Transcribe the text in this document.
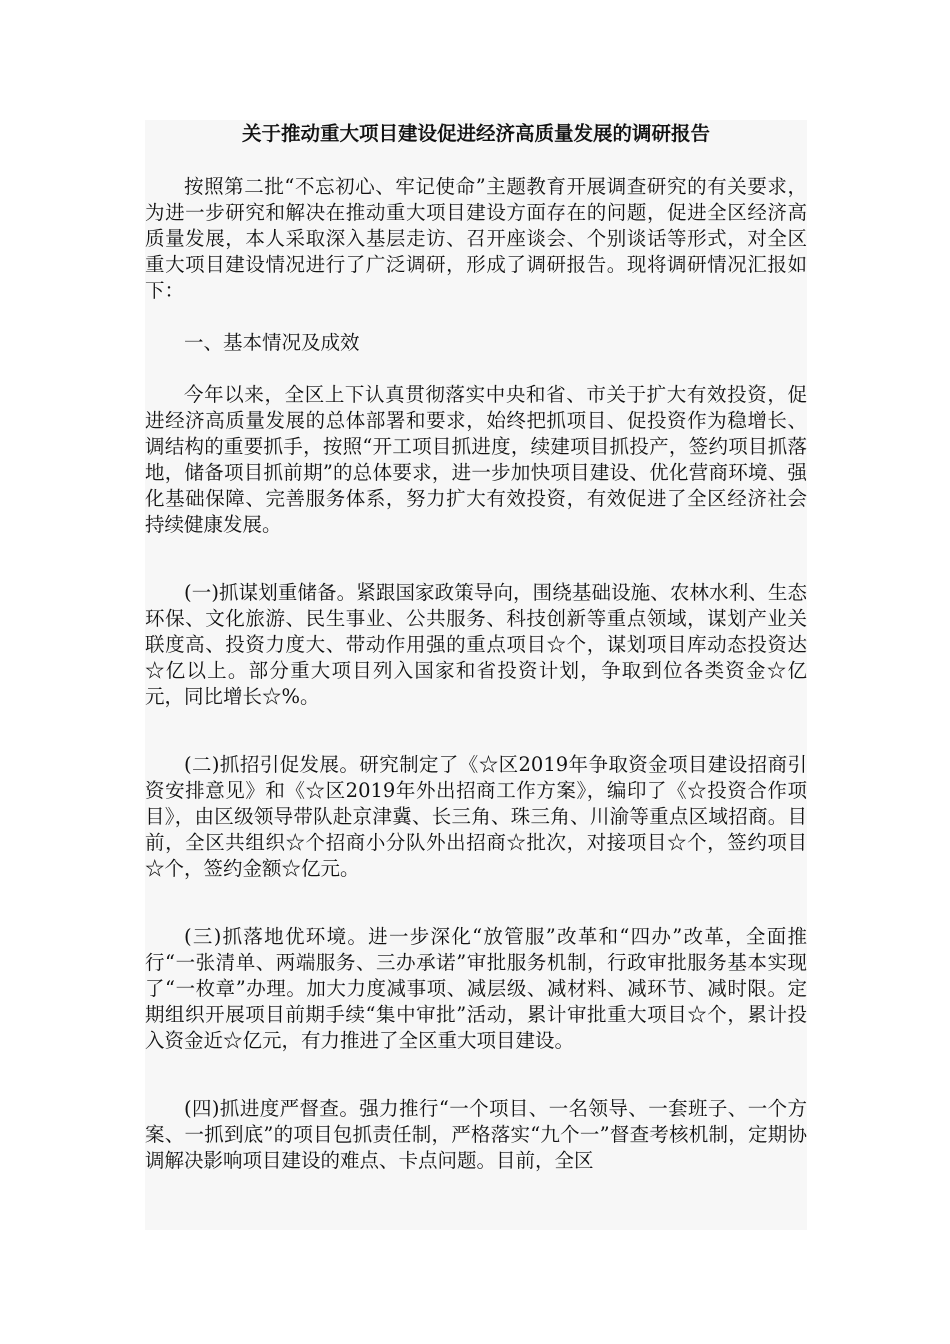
关于推动重大项目建设促进经济高质量发展的调研报告

按照第二批“不忘初心、牢记使命”主题教育开展调查研究的有关要求，为进一步研究和解决在推动重大项目建设方面存在的问题，促进全区经济高质量发展，本人采取深入基层走访、召开座谈会、个别谈话等形式，对全区重大项目建设情况进行了广泛调研，形成了调研报告。现将调研情况汇报如下：

一、基本情况及成效

今年以来，全区上下认真贯彻落实中央和省、市关于扩大有效投资，促进经济高质量发展的总体部署和要求，始终把抓项目、促投资作为稳增长、调结构的重要抓手，按照“开工项目抓进度，续建项目抓投产，签约项目抓落地，储备项目抓前期”的总体要求，进一步加快项目建设、优化营商环境、强化基础保障、完善服务体系，努力扩大有效投资，有效促进了全区经济社会持续健康发展。

(一)抓谋划重储备。紧跟国家政策导向，围绕基础设施、农林水利、生态环保、文化旅游、民生事业、公共服务、科技创新等重点领域，谋划产业关联度高、投资力度大、带动作用强的重点项目☆个，谋划项目库动态投资达☆亿以上。部分重大项目列入国家和省投资计划，争取到位各类资金☆亿元，同比增长☆%。

(二)抓招引促发展。研究制定了《☆区2019年争取资金项目建设招商引资安排意见》和《☆区2019年外出招商工作方案》，编印了《☆投资合作项目》，由区级领导带队赴京津冀、长三角、珠三角、川渝等重点区域招商。目前，全区共组织☆个招商小分队外出招商☆批次，对接项目☆个，签约项目☆个，签约金额☆亿元。

(三)抓落地优环境。进一步深化“放管服”改革和“四办”改革，全面推行“一张清单、两端服务、三办承诺”审批服务机制，行政审批服务基本实现了“一枚章”办理。加大力度减事项、减层级、减材料、减环节、减时限。定期组织开展项目前期手续“集中审批”活动，累计审批重大项目☆个，累计投入资金近☆亿元，有力推进了全区重大项目建设。

(四)抓进度严督查。强力推行“一个项目、一名领导、一套班子、一个方案、一抓到底”的项目包抓责任制，严格落实“九个一”督查考核机制，定期协调解决影响项目建设的难点、卡点问题。目前，全区
